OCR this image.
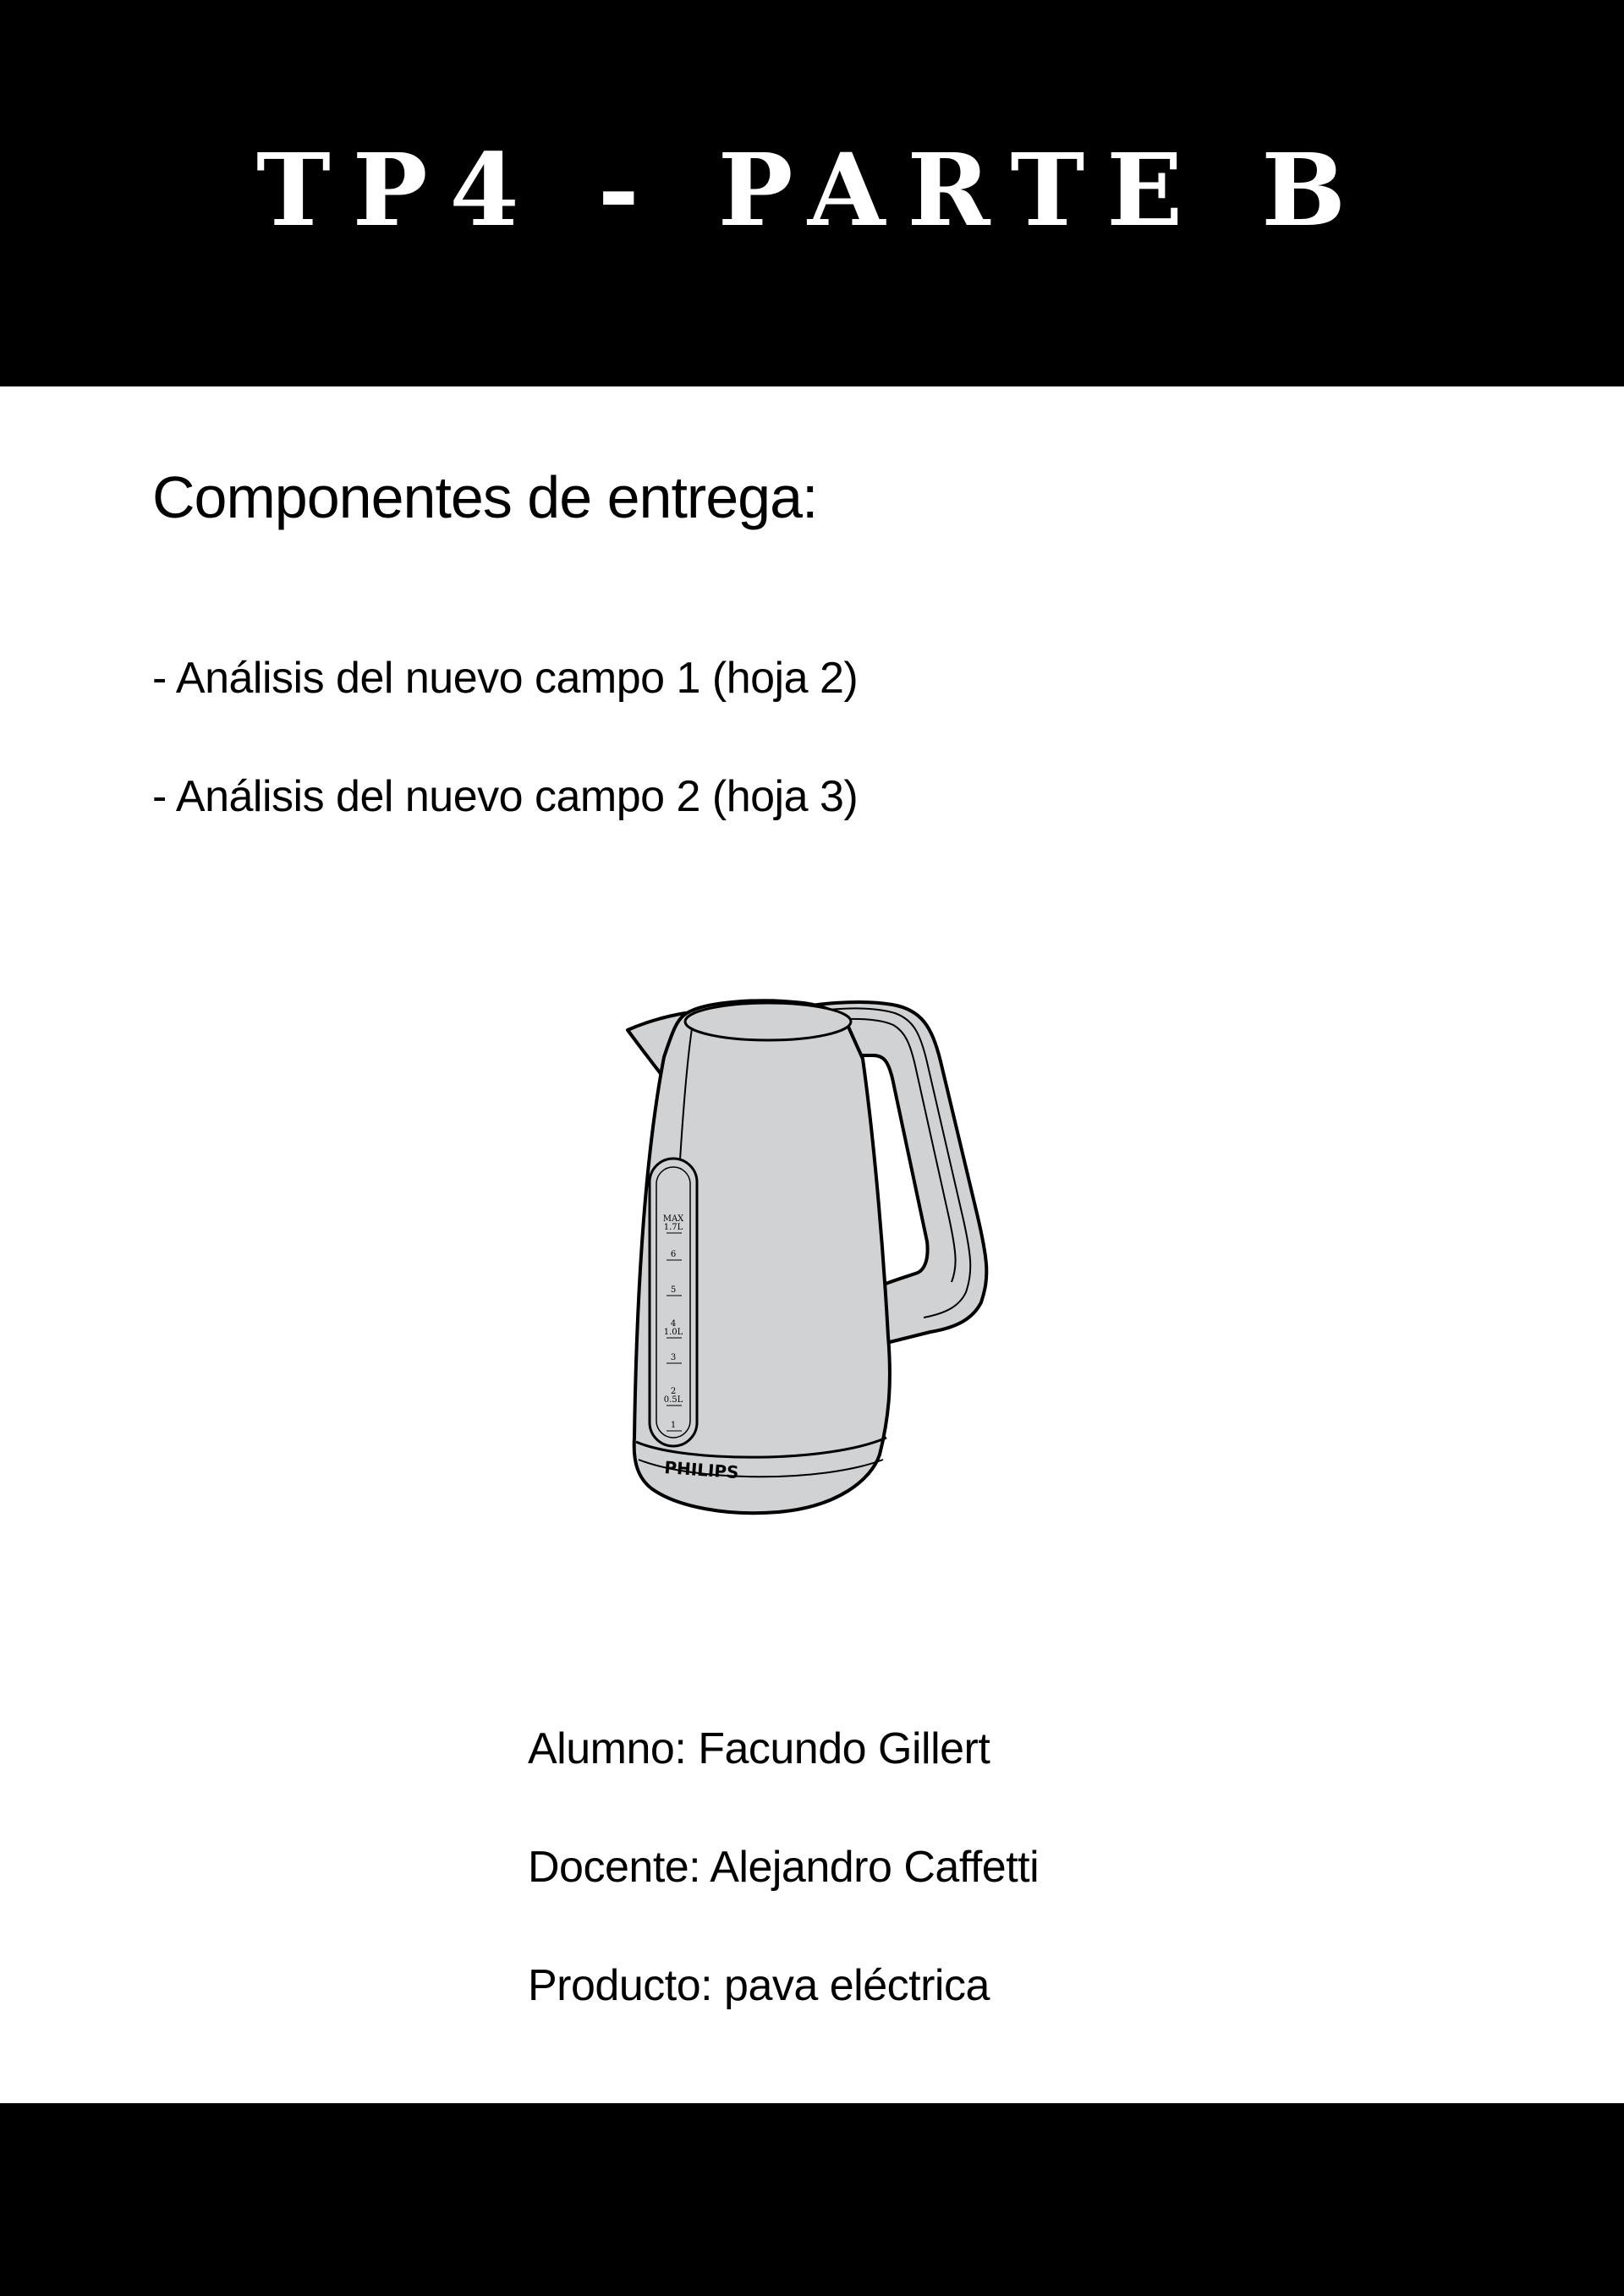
TP4 - PARTE B
Componentes de entrega:
- Análisis del nuevo campo 1 (hoja 2)
- Análisis del nuevo campo 2 (hoja 3)
MAX
1.7L
6
5
4
1.0L
3
2
0.5L
1
PHILIPS
Alumno: Facundo Gillert
Docente: Alejandro Caffetti
Producto: pava eléctrica
